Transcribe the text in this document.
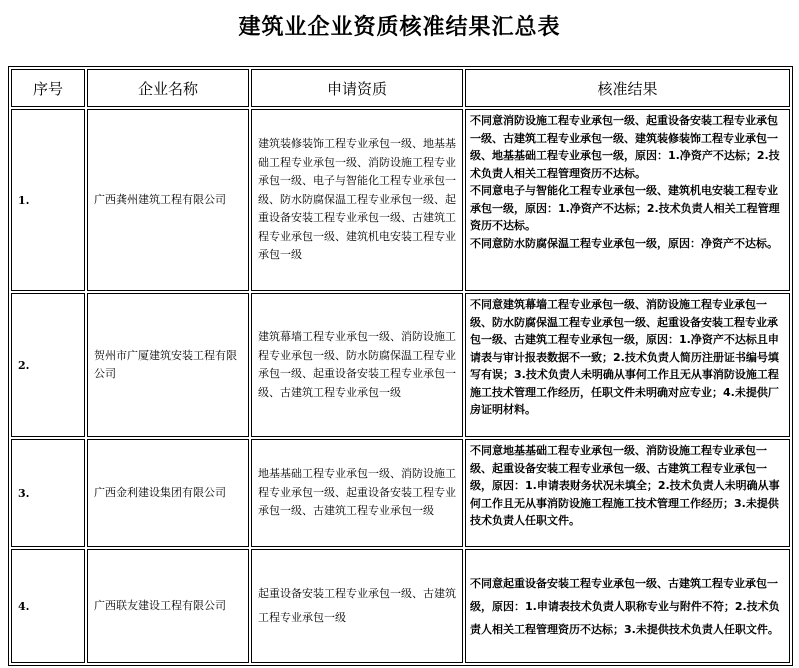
建筑业企业资质核准结果汇总表
序号	企业名称	申请资质	核准结果
1.	广西龚州建筑工程有限公司	建筑装修装饰工程专业承包一级、地基基础工程专业承包一级、消防设施工程专业承包一级、电子与智能化工程专业承包一级、防水防腐保温工程专业承包一级、起重设备安装工程专业承包一级、古建筑工程专业承包一级、建筑机电安装工程专业承包一级	不同意消防设施工程专业承包一级、起重设备安装工程专业承包一级、古建筑工程专业承包一级、建筑装修装饰工程专业承包一级、地基基础工程专业承包一级，原因：1.净资产不达标；2.技术负责人相关工程管理资历不达标。

不同意电子与智能化工程专业承包一级、建筑机电安装工程专业承包一级，原因：1.净资产不达标；2.技术负责人相关工程管理资历不达标。

不同意防水防腐保温工程专业承包一级，原因：净资产不达标。

2.	贺州市广厦建筑安装工程有限公司	建筑幕墙工程专业承包一级、消防设施工程专业承包一级、防水防腐保温工程专业承包一级、起重设备安装工程专业承包一级、古建筑工程专业承包一级	不同意建筑幕墙工程专业承包一级、消防设施工程专业承包一级、防水防腐保温工程专业承包一级、起重设备安装工程专业承包一级、古建筑工程专业承包一级，原因：1.净资产不达标且申请表与审计报表数据不一致；2.技术负责人简历注册证书编号填写有误；3.技术负责人未明确从事何工作且无从事消防设施工程施工技术管理工作经历，任职文件未明确对应专业；4.未提供厂房证明材料。

3.	广西金利建设集团有限公司	地基基础工程专业承包一级、消防设施工程专业承包一级、起重设备安装工程专业承包一级、古建筑工程专业承包一级	不同意地基基础工程专业承包一级、消防设施工程专业承包一级、起重设备安装工程专业承包一级、古建筑工程专业承包一级，原因：1.申请表财务状况未填全；2.技术负责人未明确从事何工作且无从事消防设施工程施工技术管理工作经历；3.未提供技术负责人任职文件。

4.	广西联友建设工程有限公司	起重设备安装工程专业承包一级、古建筑工程专业承包一级	不同意起重设备安装工程专业承包一级、古建筑工程专业承包一级，原因：1.申请表技术负责人职称专业与附件不符；2.技术负责人相关工程管理资历不达标；3.未提供技术负责人任职文件。
